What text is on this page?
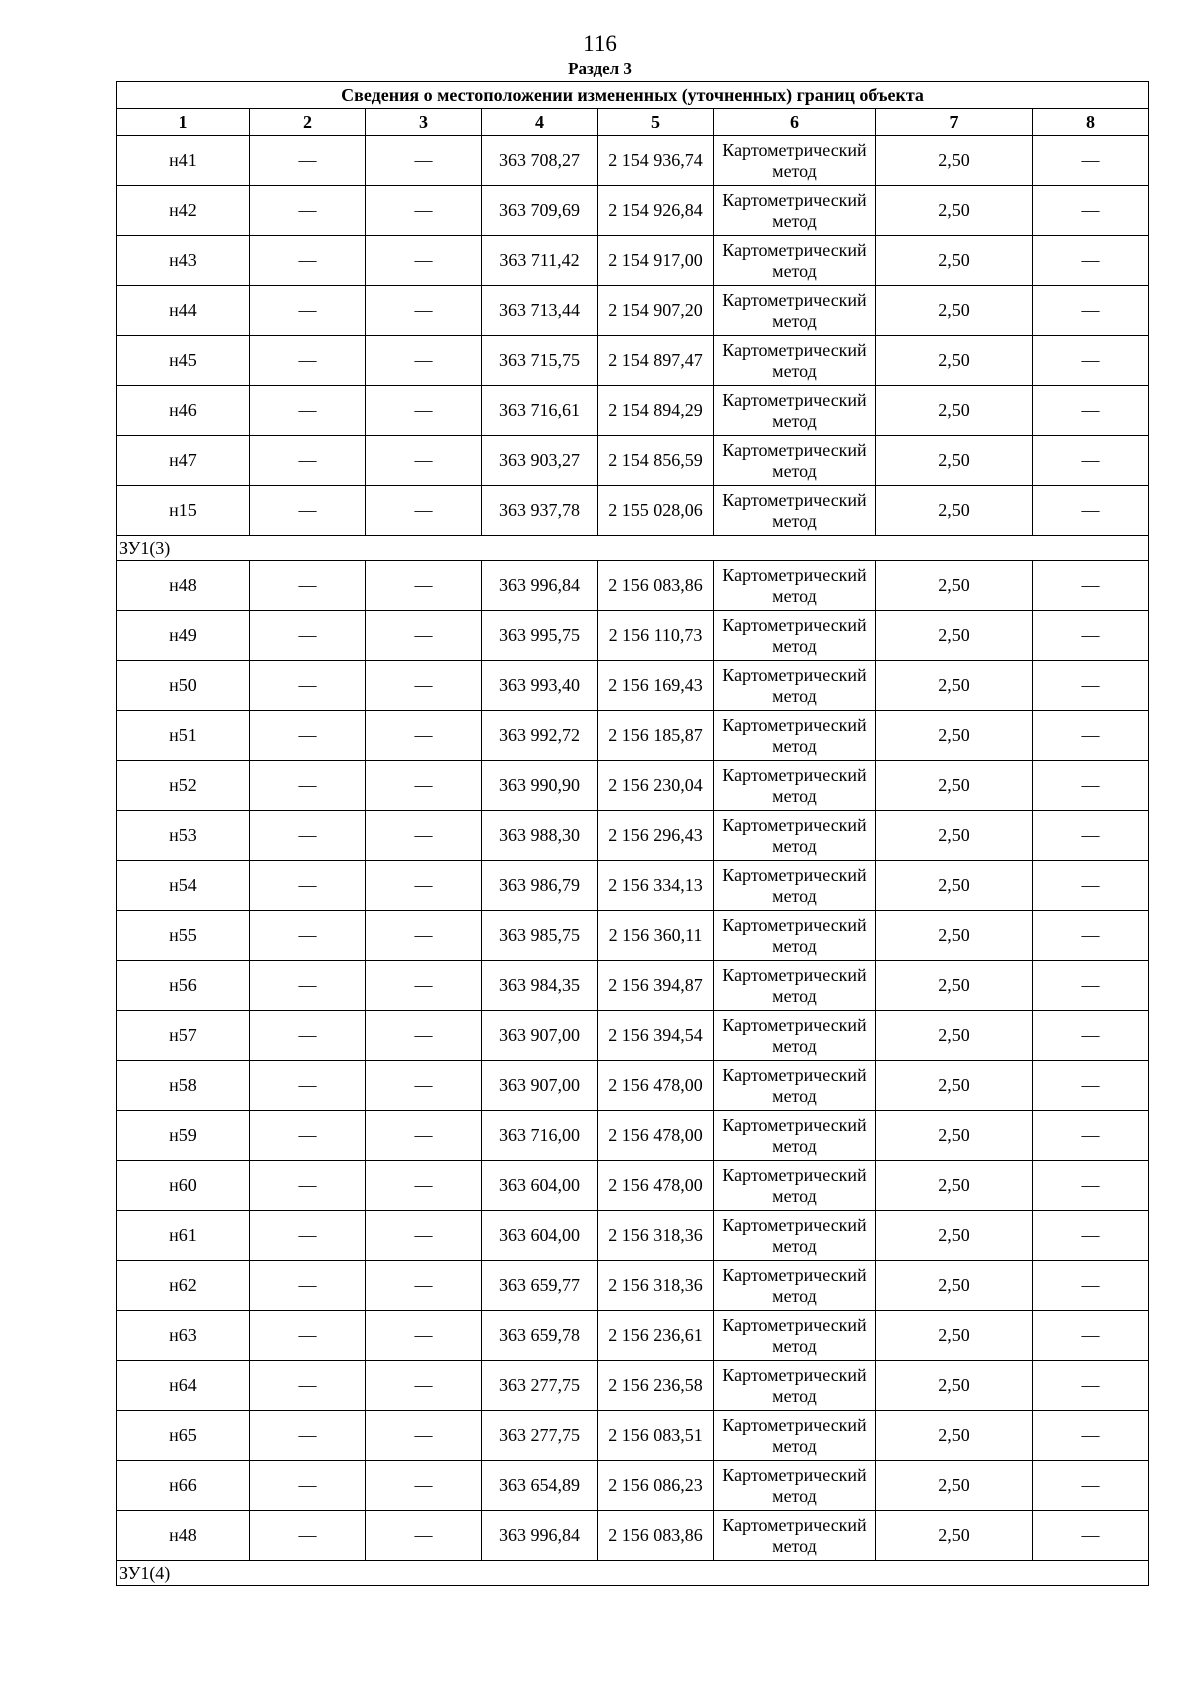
116
Раздел 3
Сведения о местоположении измененных (уточненных) границ объекта							
1	2	3	4	5	6	7	8
н41	—	—	363 708,27	2 154 936,74	Картометрический метод	2,50	—
н42	—	—	363 709,69	2 154 926,84	Картометрический метод	2,50	—
н43	—	—	363 711,42	2 154 917,00	Картометрический метод	2,50	—
н44	—	—	363 713,44	2 154 907,20	Картометрический метод	2,50	—
н45	—	—	363 715,75	2 154 897,47	Картометрический метод	2,50	—
н46	—	—	363 716,61	2 154 894,29	Картометрический метод	2,50	—
н47	—	—	363 903,27	2 154 856,59	Картометрический метод	2,50	—
н15	—	—	363 937,78	2 155 028,06	Картометрический метод	2,50	—
ЗУ1(3)							
н48	—	—	363 996,84	2 156 083,86	Картометрический метод	2,50	—
н49	—	—	363 995,75	2 156 110,73	Картометрический метод	2,50	—
н50	—	—	363 993,40	2 156 169,43	Картометрический метод	2,50	—
н51	—	—	363 992,72	2 156 185,87	Картометрический метод	2,50	—
н52	—	—	363 990,90	2 156 230,04	Картометрический метод	2,50	—
н53	—	—	363 988,30	2 156 296,43	Картометрический метод	2,50	—
н54	—	—	363 986,79	2 156 334,13	Картометрический метод	2,50	—
н55	—	—	363 985,75	2 156 360,11	Картометрический метод	2,50	—
н56	—	—	363 984,35	2 156 394,87	Картометрический метод	2,50	—
н57	—	—	363 907,00	2 156 394,54	Картометрический метод	2,50	—
н58	—	—	363 907,00	2 156 478,00	Картометрический метод	2,50	—
н59	—	—	363 716,00	2 156 478,00	Картометрический метод	2,50	—
н60	—	—	363 604,00	2 156 478,00	Картометрический метод	2,50	—
н61	—	—	363 604,00	2 156 318,36	Картометрический метод	2,50	—
н62	—	—	363 659,77	2 156 318,36	Картометрический метод	2,50	—
н63	—	—	363 659,78	2 156 236,61	Картометрический метод	2,50	—
н64	—	—	363 277,75	2 156 236,58	Картометрический метод	2,50	—
н65	—	—	363 277,75	2 156 083,51	Картометрический метод	2,50	—
н66	—	—	363 654,89	2 156 086,23	Картометрический метод	2,50	—
н48	—	—	363 996,84	2 156 083,86	Картометрический метод	2,50	—
ЗУ1(4)							
